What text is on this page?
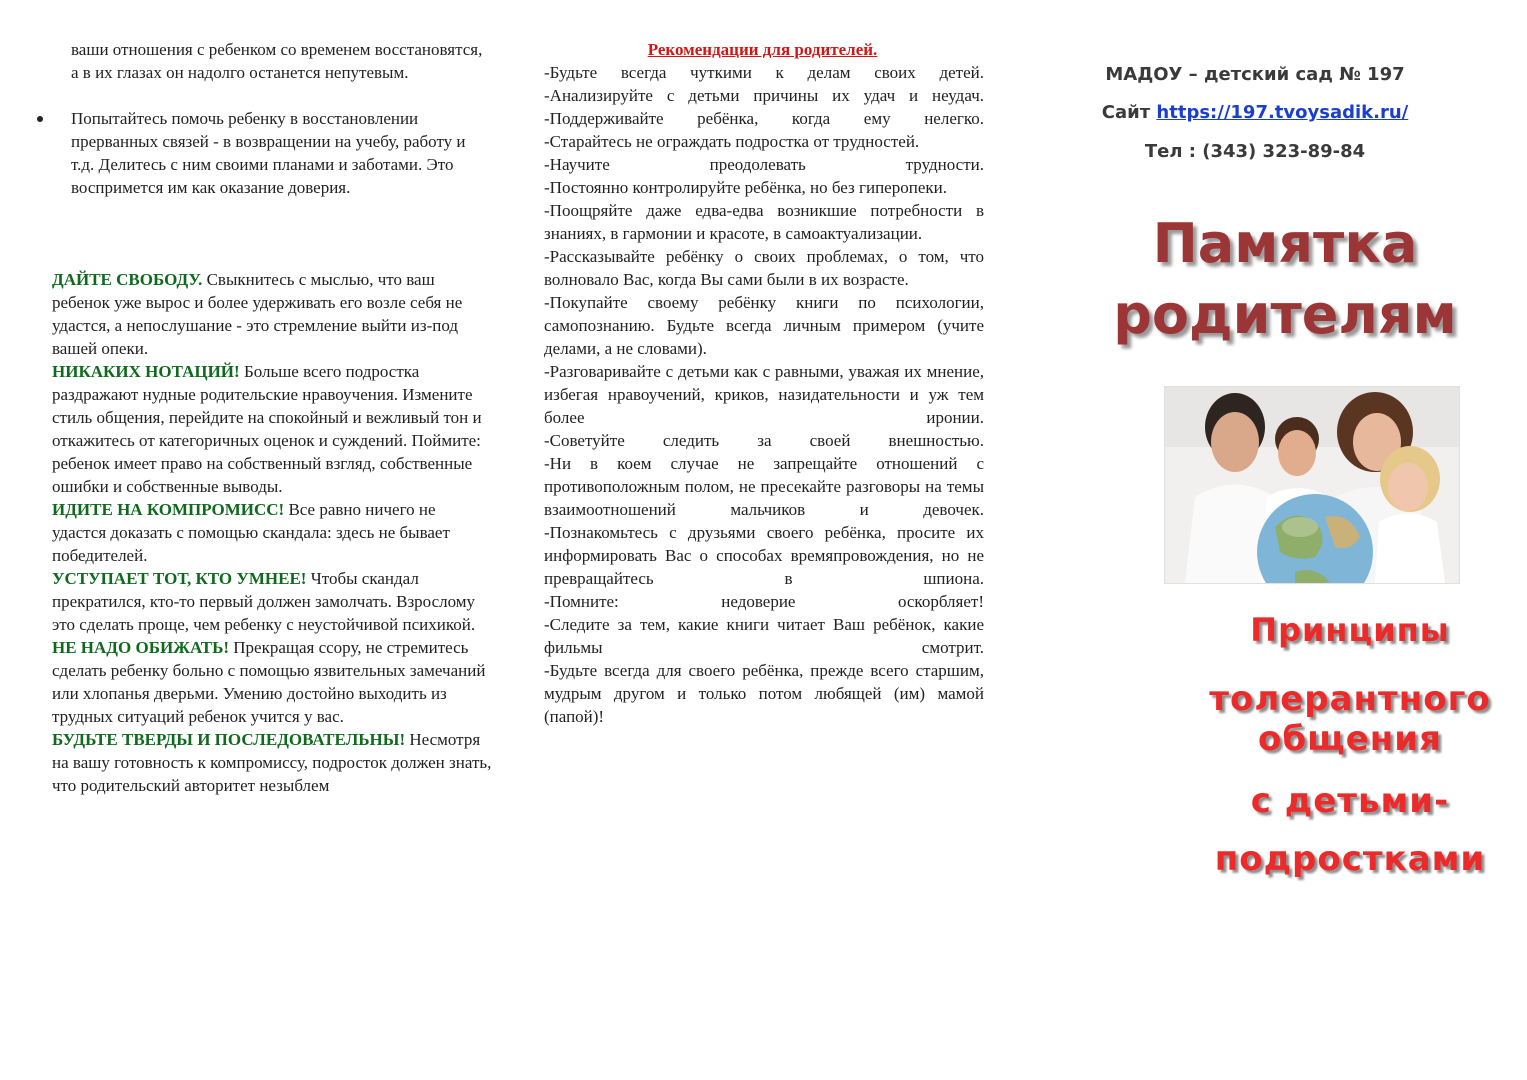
ваши отношения с ребенком со временем восстановятся, а в их глазах он надолго останется непутевым.

Попытайтесь помочь ребенку в восстановлении прерванных связей - в возвращении на учебу, работу и т.д. Делитесь с ним своими планами и заботами. Это воспримется им как оказание доверия.

ДАЙТЕ СВОБОДУ. Свыкнитесь с мыслью, что ваш ребенок уже вырос и более удерживать его возле себя не удастся, а непослушание - это стремление выйти из-под вашей опеки.

НИКАКИХ НОТАЦИЙ! Больше всего подростка раздражают нудные родительские нравоучения. Измените стиль общения, перейдите на спокойный и вежливый тон и откажитесь от категоричных оценок и суждений. Поймите: ребенок имеет право на собственный взгляд, собственные ошибки и собственные выводы.

ИДИТЕ НА КОМПРОМИСС! Все равно ничего не удастся доказать с помощью скандала: здесь не бывает победителей.

УСТУПАЕТ ТОТ, КТО УМНЕЕ! Чтобы скандал прекратился, кто-то первый должен замолчать. Взрослому это сделать проще, чем ребенку с неустойчивой психикой.

НЕ НАДО ОБИЖАТЬ! Прекращая ссору, не стремитесь сделать ребенку больно с помощью язвительных замечаний или хлопанья дверьми. Умению достойно выходить из трудных ситуаций ребенок учится у вас.

БУДЬТЕ ТВЕРДЫ И ПОСЛЕДОВАТЕЛЬНЫ! Несмотря на вашу готовность к компромиссу, подросток должен знать, что родительский авторитет незыблем

Рекомендации для родителей.

-Будьте всегда чуткими к делам своих детей.

-Анализируйте с детьми причины их удач и неудач.

-Поддерживайте ребёнка, когда ему нелегко.

-Старайтесь не ограждать подростка от трудностей.

-Научите преодолевать трудности.

-Постоянно контролируйте ребёнка, но без гиперопеки.

-Поощряйте даже едва-едва возникшие потребности в знаниях, в гармонии и красоте, в самоактуализации.

-Рассказывайте ребёнку о своих проблемах, о том, что волновало Вас, когда Вы сами были в их возрасте.

-Покупайте своему ребёнку книги по психологии, самопознанию. Будьте всегда личным примером (учите делами, а не словами).

-Разговаривайте с детьми как с равными, уважая их мнение, избегая нравоучений, криков, назидательности и уж тем более иронии.

-Советуйте следить за своей внешностью.

-Ни в коем случае не запрещайте отношений с противоположным полом, не пресекайте разговоры на темы взаимоотношений мальчиков и девочек.

-Познакомьтесь с друзьями своего ребёнка, просите их информировать Вас о способах времяпровождения, но не превращайтесь в шпиона.

-Помните: недоверие оскорбляет!

-Следите за тем, какие книги читает Ваш ребёнок, какие фильмы смотрит.

-Будьте всегда для своего ребёнка, прежде всего старшим, мудрым другом и только потом любящей (им) мамой (папой)!

МАДОУ – детский сад № 197

Сайт https://197.tvoysadik.ru/

Тел : (343) 323-89-84

Памятка

родителям

Принципы

толерантного

общения

с детьми-

подростками
